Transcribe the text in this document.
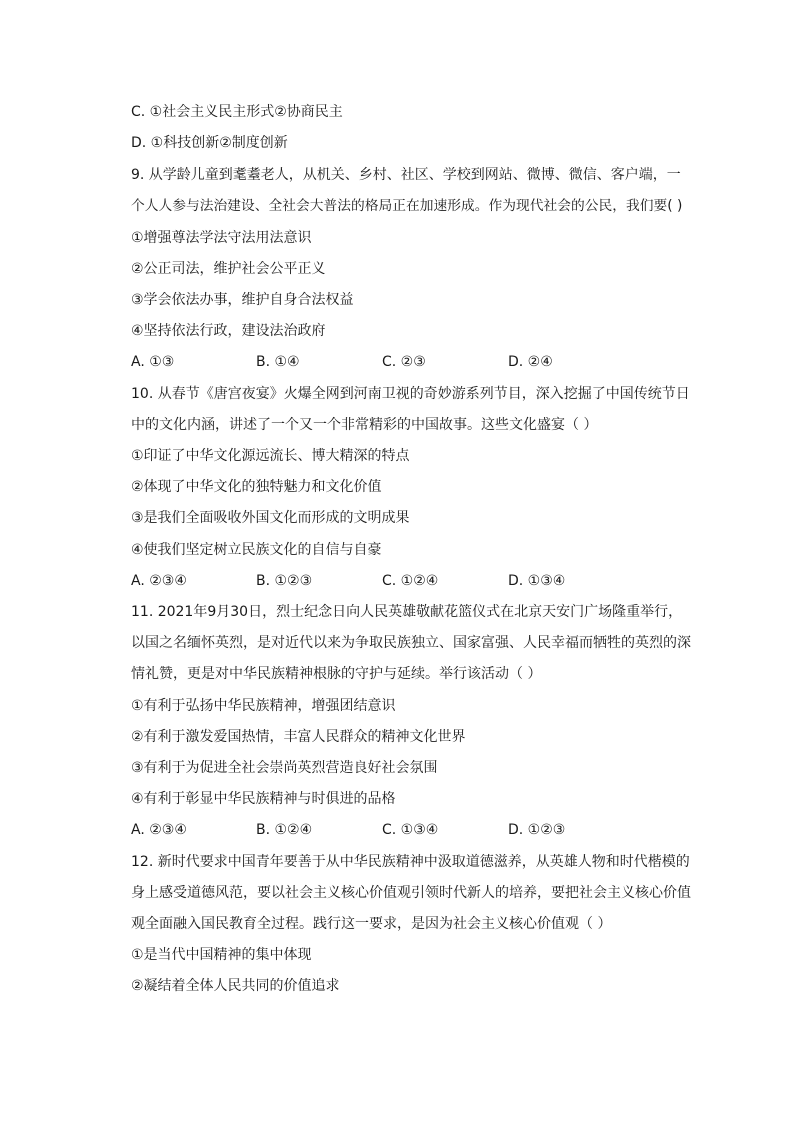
C. ①社会主义民主形式②协商民主
D. ①科技创新②制度创新
9. 从学龄儿童到耄耋老人，从机关、乡村、社区、学校到网站、微博、微信、客户端，一
个人人参与法治建设、全社会大普法的格局正在加速形成。作为现代社会的公民，我们要( )
①增强尊法学法守法用法意识
②公正司法，维护社会公平正义
③学会依法办事，维护自身合法权益
④坚持依法行政，建设法治政府
A. ①③	B. ①④	C. ②③	D. ②④
10. 从春节《唐宫夜宴》火爆全网到河南卫视的奇妙游系列节目，深入挖掘了中国传统节日
中的文化内涵，讲述了一个又一个非常精彩的中国故事。这些文化盛宴（ ）
①印证了中华文化源远流长、博大精深的特点
②体现了中华文化的独特魅力和文化价值
③是我们全面吸收外国文化而形成的文明成果
④使我们坚定树立民族文化的自信与自豪
A. ②③④	B. ①②③	C. ①②④	D. ①③④
11. 2021年9月30日，烈士纪念日向人民英雄敬献花篮仪式在北京天安门广场隆重举行，
以国之名缅怀英烈，是对近代以来为争取民族独立、国家富强、人民幸福而牺牲的英烈的深
情礼赞，更是对中华民族精神根脉的守护与延续。举行该活动（ ）
①有利于弘扬中华民族精神，增强团结意识
②有利于激发爱国热情，丰富人民群众的精神文化世界
③有利于为促进全社会崇尚英烈营造良好社会氛围
④有利于彰显中华民族精神与时俱进的品格
A. ②③④	B. ①②④	C. ①③④	D. ①②③
12. 新时代要求中国青年要善于从中华民族精神中汲取道德滋养，从英雄人物和时代楷模的
身上感受道德风范，要以社会主义核心价值观引领时代新人的培养，要把社会主义核心价值
观全面融入国民教育全过程。践行这一要求，是因为社会主义核心价值观（ ）
①是当代中国精神的集中体现
②凝结着全体人民共同的价值追求
